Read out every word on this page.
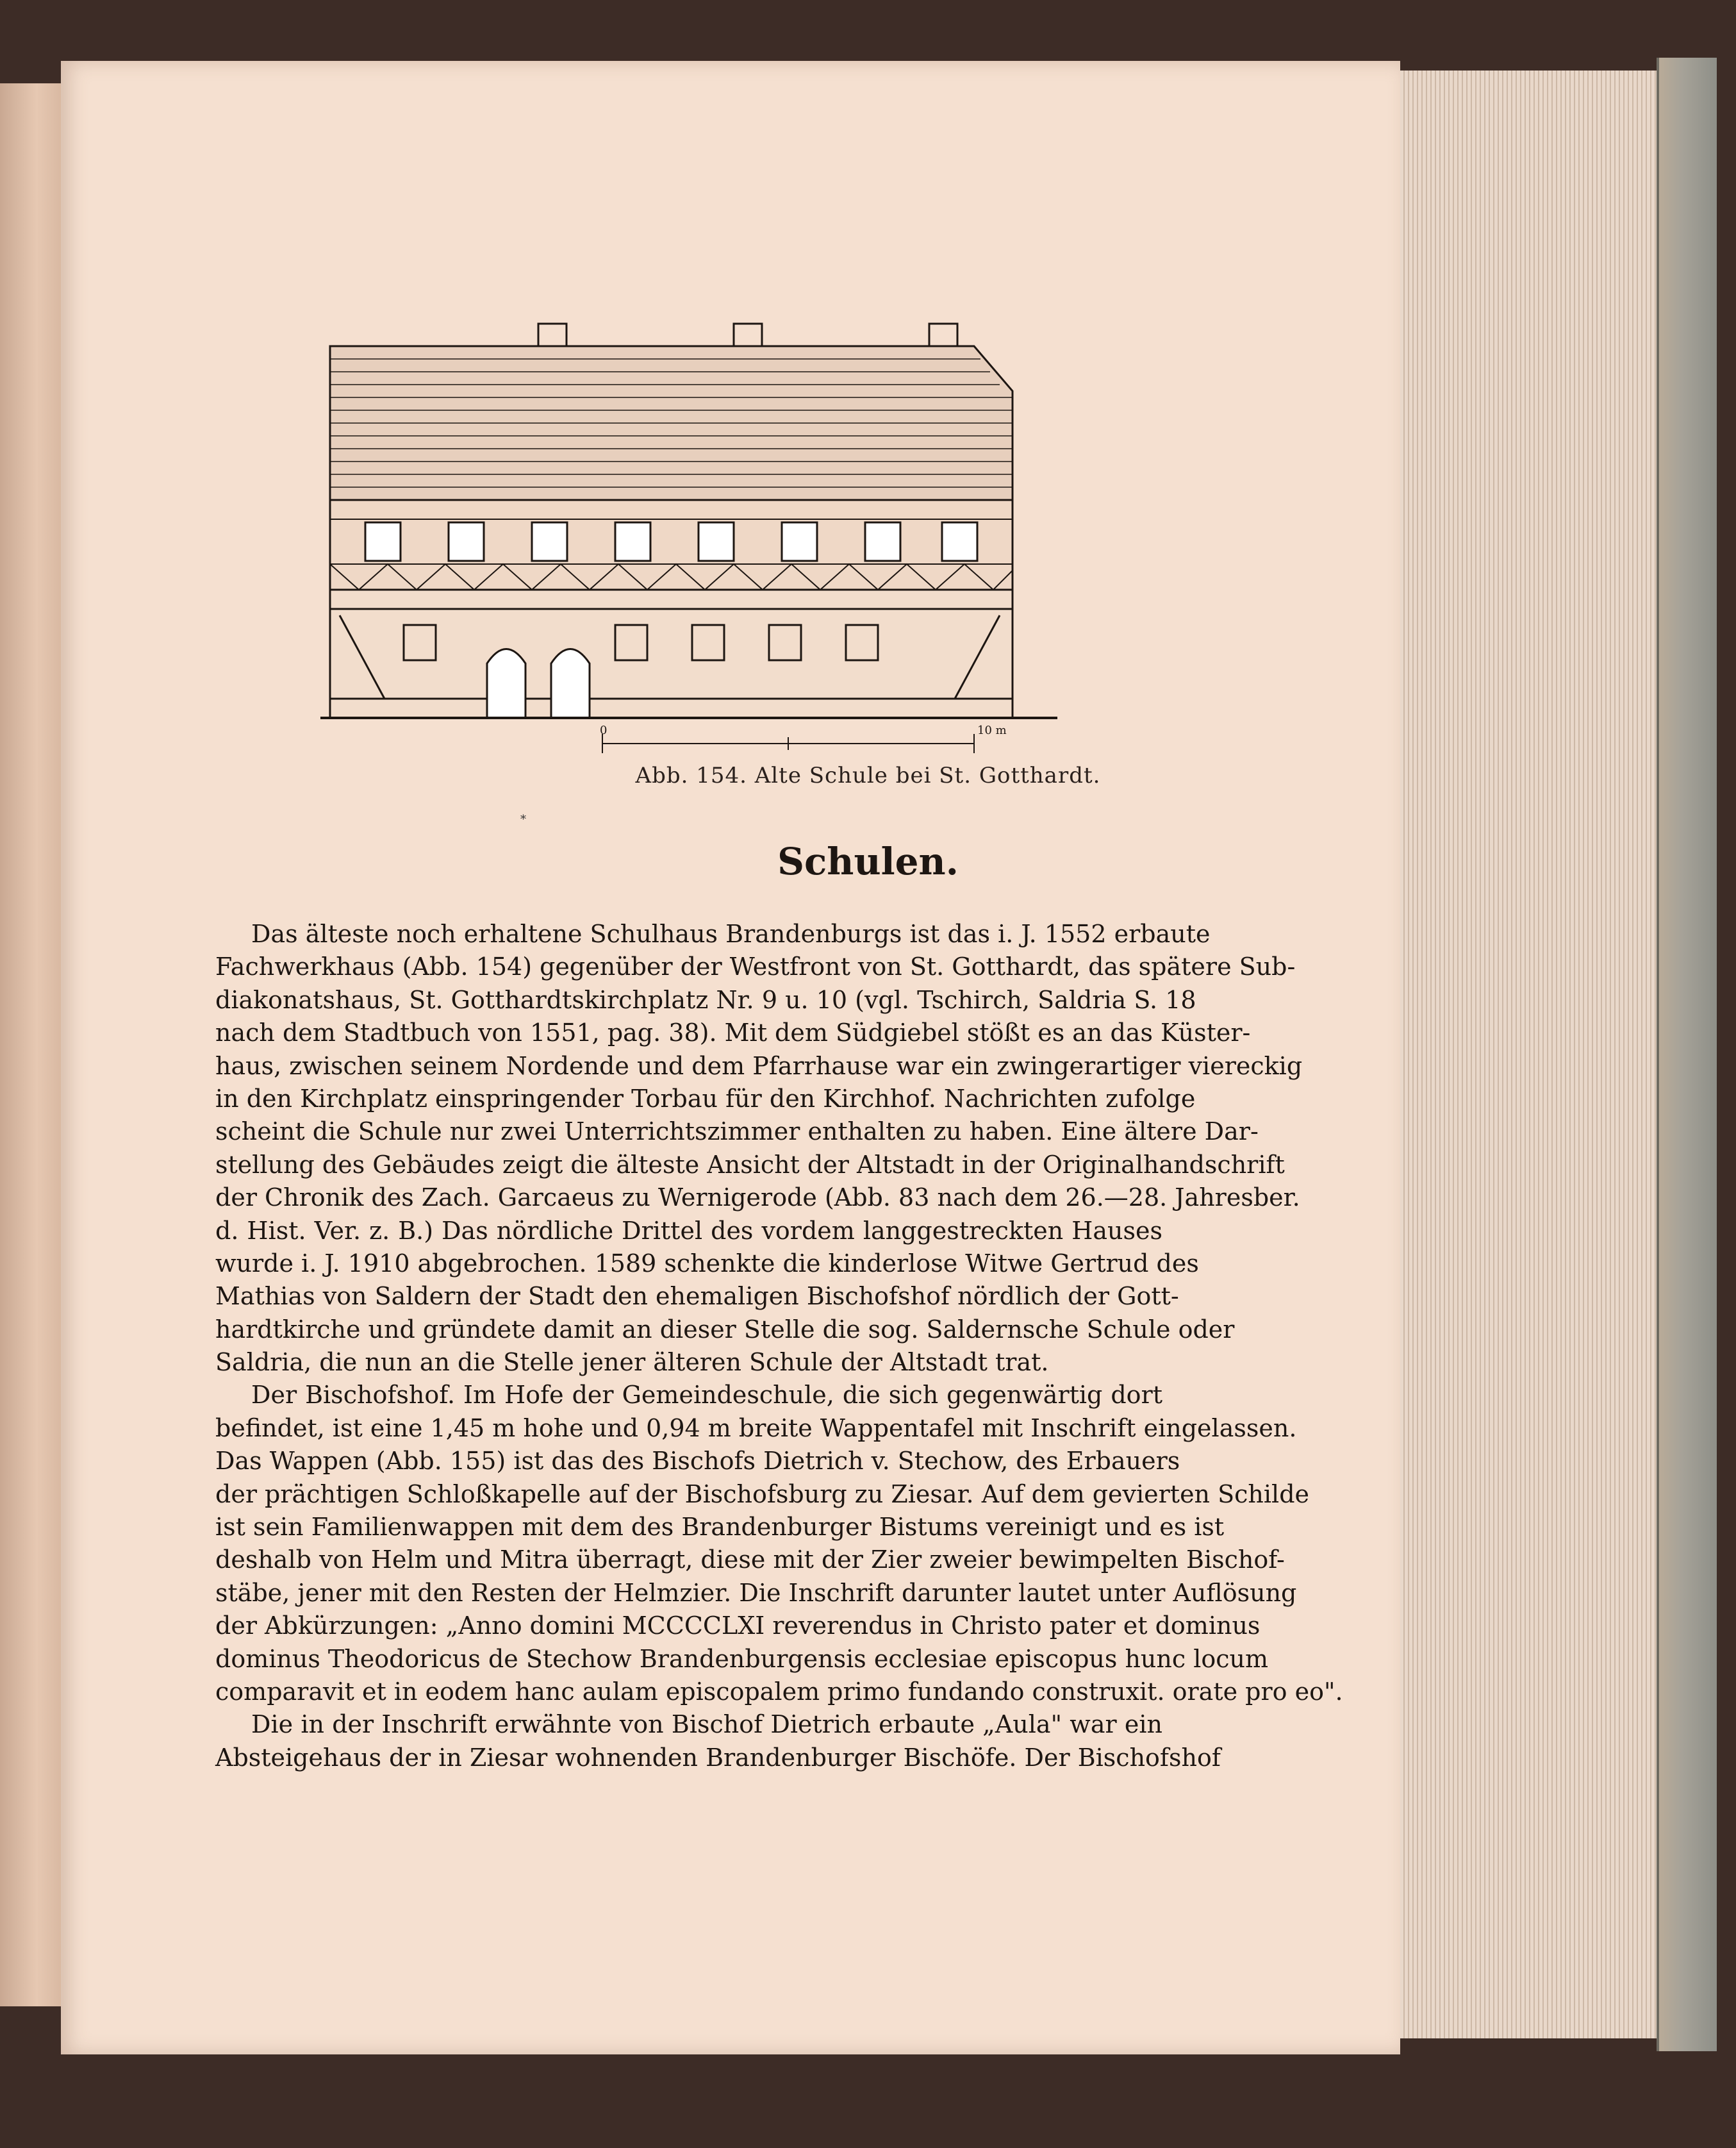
0	10 m
Abb. 154. Alte Schule bei St. Gotthardt.
*
Schulen.
Das älteste noch erhaltene Schulhaus Brandenburgs ist das i. J. 1552 erbaute
Fachwerkhaus (Abb. 154) gegenüber der Westfront von St. Gotthardt, das spätere Sub-
diakonatshaus, St. Gotthardtskirchplatz Nr. 9 u. 10 (vgl. Tschirch, Saldria S. 18
nach dem Stadtbuch von 1551, pag. 38). Mit dem Südgiebel stößt es an das Küster-
haus, zwischen seinem Nordende und dem Pfarrhause war ein zwingerartiger viereckig
in den Kirchplatz einspringender Torbau für den Kirchhof. Nachrichten zufolge
scheint die Schule nur zwei Unterrichtszimmer enthalten zu haben. Eine ältere Dar-
stellung des Gebäudes zeigt die älteste Ansicht der Altstadt in der Originalhandschrift
der Chronik des Zach. Garcaeus zu Wernigerode (Abb. 83 nach dem 26.—28. Jahresber.
d. Hist. Ver. z. B.) Das nördliche Drittel des vordem langgestreckten Hauses
wurde i. J. 1910 abgebrochen. 1589 schenkte die kinderlose Witwe Gertrud des
Mathias von Saldern der Stadt den ehemaligen Bischofshof nördlich der Gott-
hardtkirche und gründete damit an dieser Stelle die sog. Saldernsche Schule oder
Saldria, die nun an die Stelle jener älteren Schule der Altstadt trat.
Der Bischofshof. Im Hofe der Gemeindeschule, die sich gegenwärtig dort
befindet, ist eine 1,45 m hohe und 0,94 m breite Wappentafel mit Inschrift eingelassen.
Das Wappen (Abb. 155) ist das des Bischofs Dietrich v. Stechow, des Erbauers
der prächtigen Schloßkapelle auf der Bischofsburg zu Ziesar. Auf dem gevierten Schilde
ist sein Familienwappen mit dem des Brandenburger Bistums vereinigt und es ist
deshalb von Helm und Mitra überragt, diese mit der Zier zweier bewimpelten Bischof-
stäbe, jener mit den Resten der Helmzier. Die Inschrift darunter lautet unter Auflösung
der Abkürzungen: „Anno domini MCCCCLXI reverendus in Christo pater et dominus
dominus Theodoricus de Stechow Brandenburgensis ecclesiae episcopus hunc locum
comparavit et in eodem hanc aulam episcopalem primo fundando construxit. orate pro eo".
Die in der Inschrift erwähnte von Bischof Dietrich erbaute „Aula" war ein
Absteigehaus der in Ziesar wohnenden Brandenburger Bischöfe. Der Bischofshof
